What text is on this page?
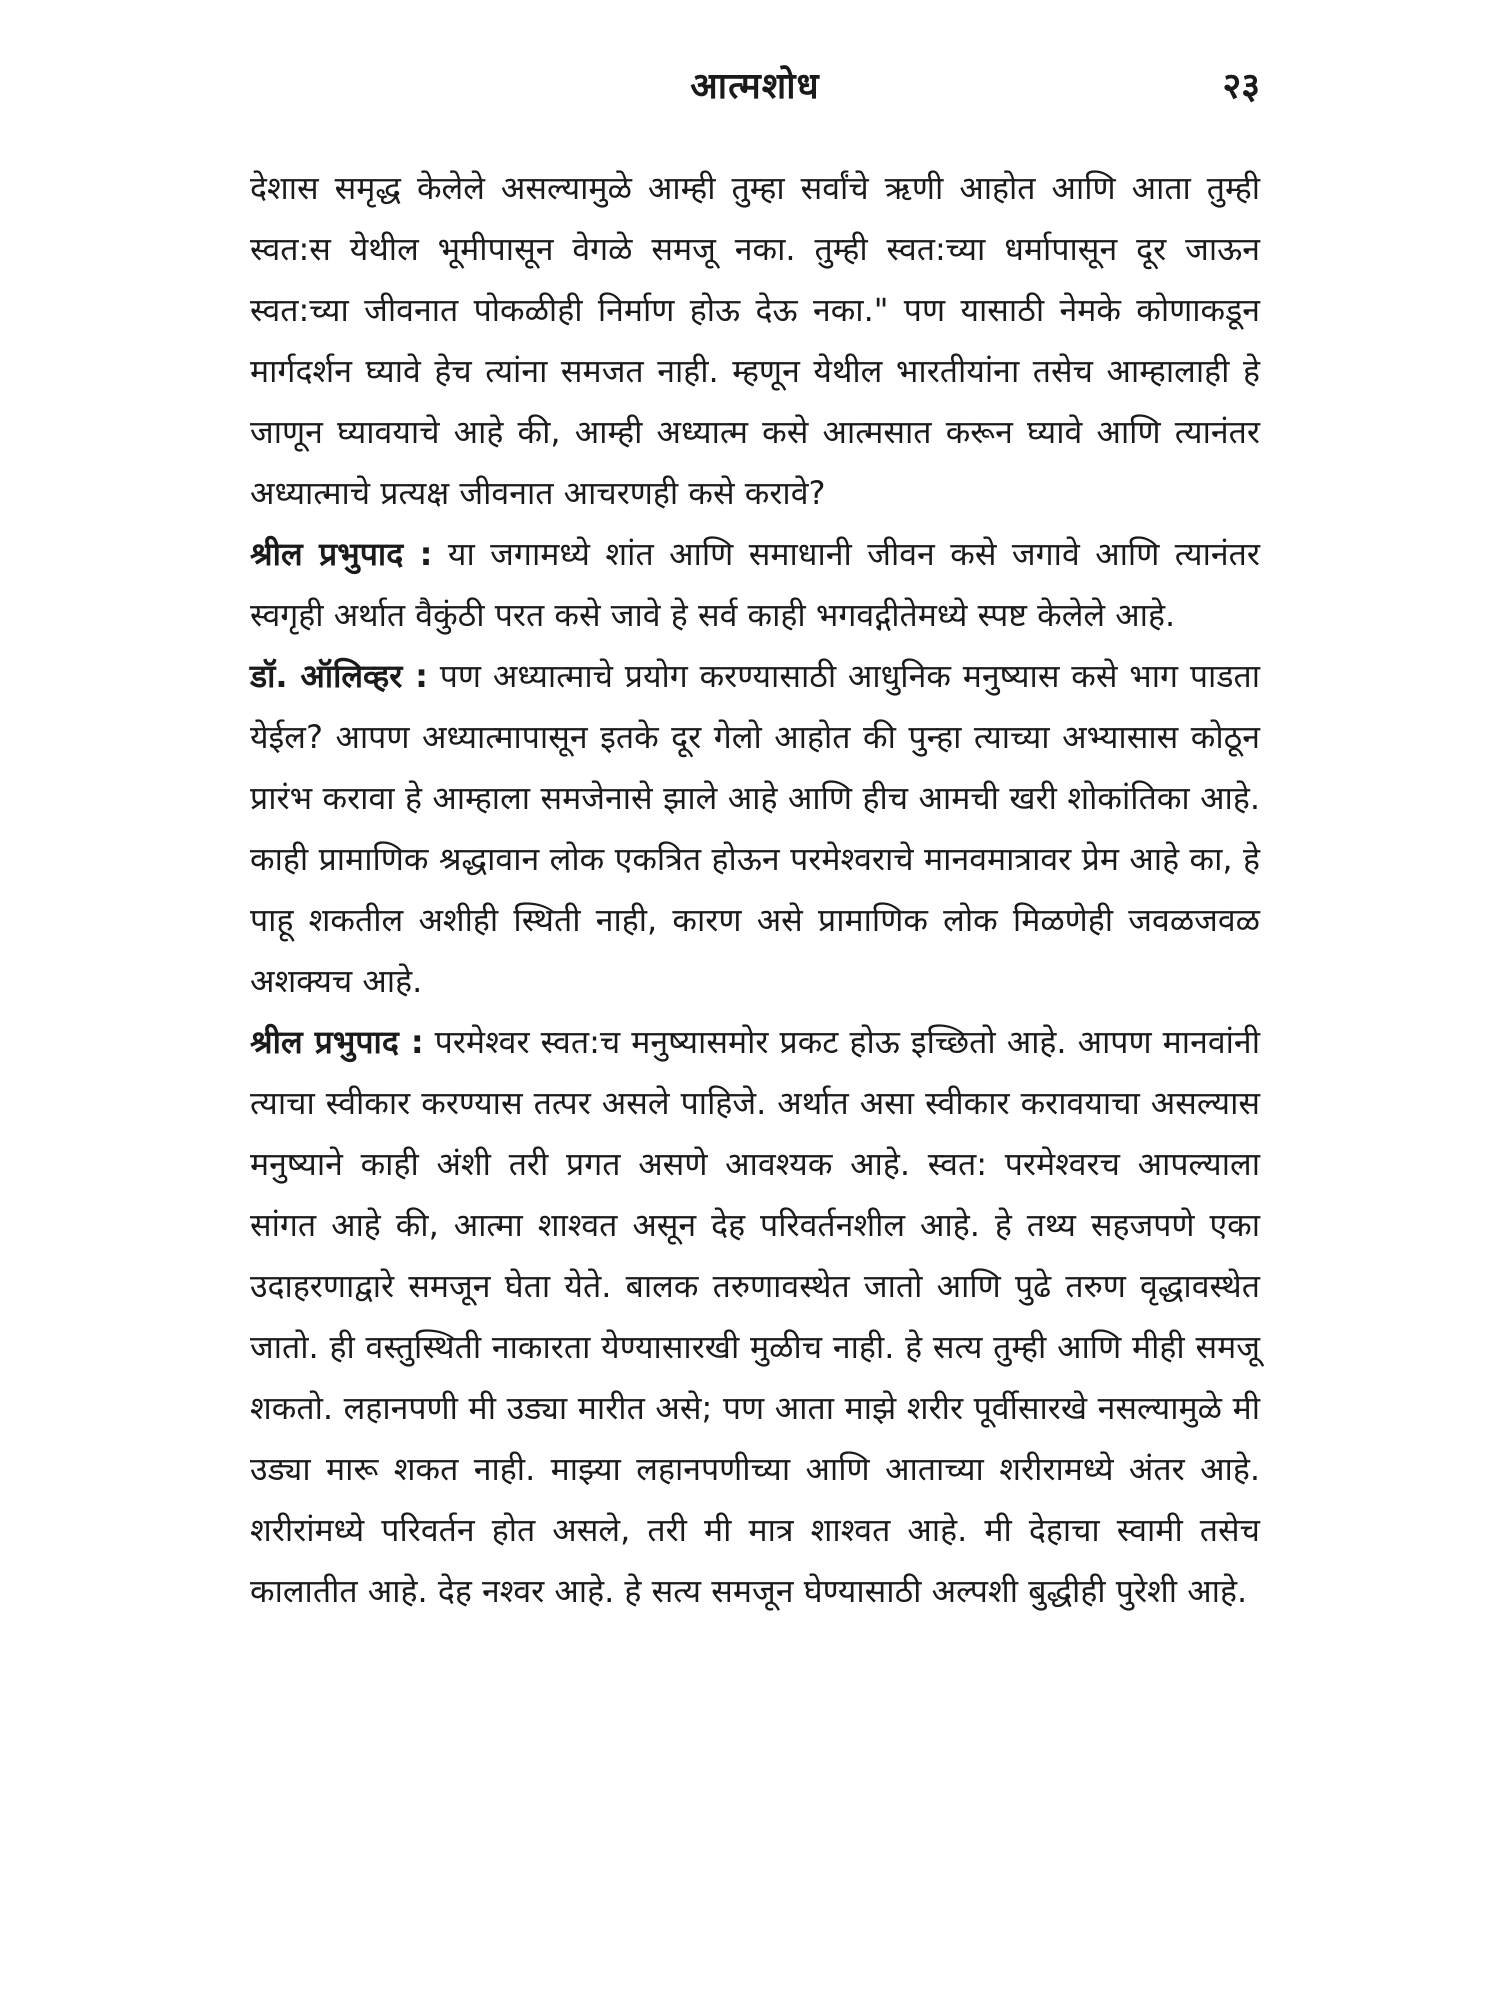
आत्मशोध	२३

देशास समृद्ध केलेले असल्यामुळे आम्ही तुम्हा सर्वांचे ऋणी आहोत आणि आता तुम्ही स्वत:स येथील भूमीपासून वेगळे समजू नका. तुम्ही स्वत:च्या धर्मापासून दूर जाऊन स्वत:च्या जीवनात पोकळीही निर्माण होऊ देऊ नका." पण यासाठी नेमके कोणाकडून मार्गदर्शन घ्यावे हेच त्यांना समजत नाही. म्हणून येथील भारतीयांना तसेच आम्हालाही हे जाणून घ्यावयाचे आहे की, आम्ही अध्यात्म कसे आत्मसात करून घ्यावे आणि त्यानंतर अध्यात्माचे प्रत्यक्ष जीवनात आचरणही कसे करावे?

श्रील प्रभुपाद : या जगामध्ये शांत आणि समाधानी जीवन कसे जगावे आणि त्यानंतर स्वगृही अर्थात वैकुंठी परत कसे जावे हे सर्व काही भगवद्गीतेमध्ये स्पष्ट केलेले आहे.

डॉ. ऑलिव्हर : पण अध्यात्माचे प्रयोग करण्यासाठी आधुनिक मनुष्यास कसे भाग पाडता येईल? आपण अध्यात्मापासून इतके दूर गेलो आहोत की पुन्हा त्याच्या अभ्यासास कोठून प्रारंभ करावा हे आम्हाला समजेनासे झाले आहे आणि हीच आमची खरी शोकांतिका आहे. काही प्रामाणिक श्रद्धावान लोक एकत्रित होऊन परमेश्वराचे मानवमात्रावर प्रेम आहे का, हे पाहू शकतील अशीही स्थिती नाही, कारण असे प्रामाणिक लोक मिळणेही जवळजवळ अशक्यच आहे.

श्रील प्रभुपाद : परमेश्वर स्वत:च मनुष्यासमोर प्रकट होऊ इच्छितो आहे. आपण मानवांनी त्याचा स्वीकार करण्यास तत्पर असले पाहिजे. अर्थात असा स्वीकार करावयाचा असल्यास मनुष्याने काही अंशी तरी प्रगत असणे आवश्यक आहे. स्वत: परमेश्वरच आपल्याला सांगत आहे की, आत्मा शाश्वत असून देह परिवर्तनशील आहे. हे तथ्य सहजपणे एका उदाहरणाद्वारे समजून घेता येते. बालक तरुणावस्थेत जातो आणि पुढे तरुण वृद्धावस्थेत जातो. ही वस्तुस्थिती नाकारता येण्यासारखी मुळीच नाही. हे सत्य तुम्ही आणि मीही समजू शकतो. लहानपणी मी उड्या मारीत असे; पण आता माझे शरीर पूर्वीसारखे नसल्यामुळे मी उड्या मारू शकत नाही. माझ्या लहानपणीच्या आणि आताच्या शरीरामध्ये अंतर आहे. शरीरांमध्ये परिवर्तन होत असले, तरी मी मात्र शाश्वत आहे. मी देहाचा स्वामी तसेच कालातीत आहे. देह नश्वर आहे. हे सत्य समजून घेण्यासाठी अल्पशी बुद्धीही पुरेशी आहे.
